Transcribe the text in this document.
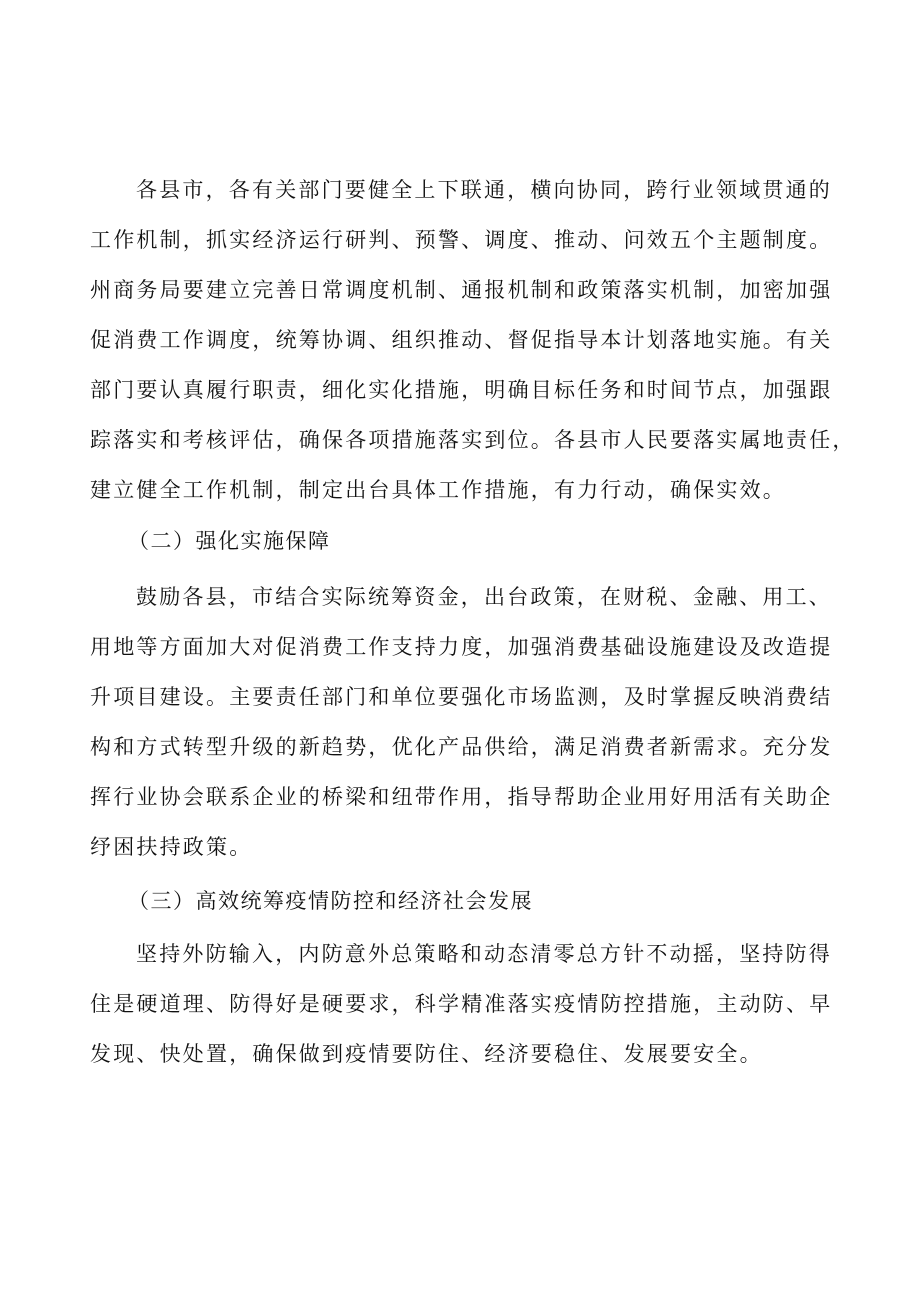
各县市，各有关部门要健全上下联通，横向协同，跨行业领域贯通的
工作机制，抓实经济运行研判、预警、调度、推动、问效五个主题制度。
州商务局要建立完善日常调度机制、通报机制和政策落实机制，加密加强
促消费工作调度，统筹协调、组织推动、督促指导本计划落地实施。有关
部门要认真履行职责，细化实化措施，明确目标任务和时间节点，加强跟
踪落实和考核评估，确保各项措施落实到位。各县市人民要落实属地责任，
建立健全工作机制，制定出台具体工作措施，有力行动，确保实效。
（二）强化实施保障
鼓励各县，市结合实际统筹资金，出台政策，在财税、金融、用工、
用地等方面加大对促消费工作支持力度，加强消费基础设施建设及改造提
升项目建设。主要责任部门和单位要强化市场监测，及时掌握反映消费结
构和方式转型升级的新趋势，优化产品供给，满足消费者新需求。充分发
挥行业协会联系企业的桥梁和纽带作用，指导帮助企业用好用活有关助企
纾困扶持政策。
（三）高效统筹疫情防控和经济社会发展
坚持外防输入，内防意外总策略和动态清零总方针不动摇，坚持防得
住是硬道理、防得好是硬要求，科学精准落实疫情防控措施，主动防、早
发现、快处置，确保做到疫情要防住、经济要稳住、发展要安全。
